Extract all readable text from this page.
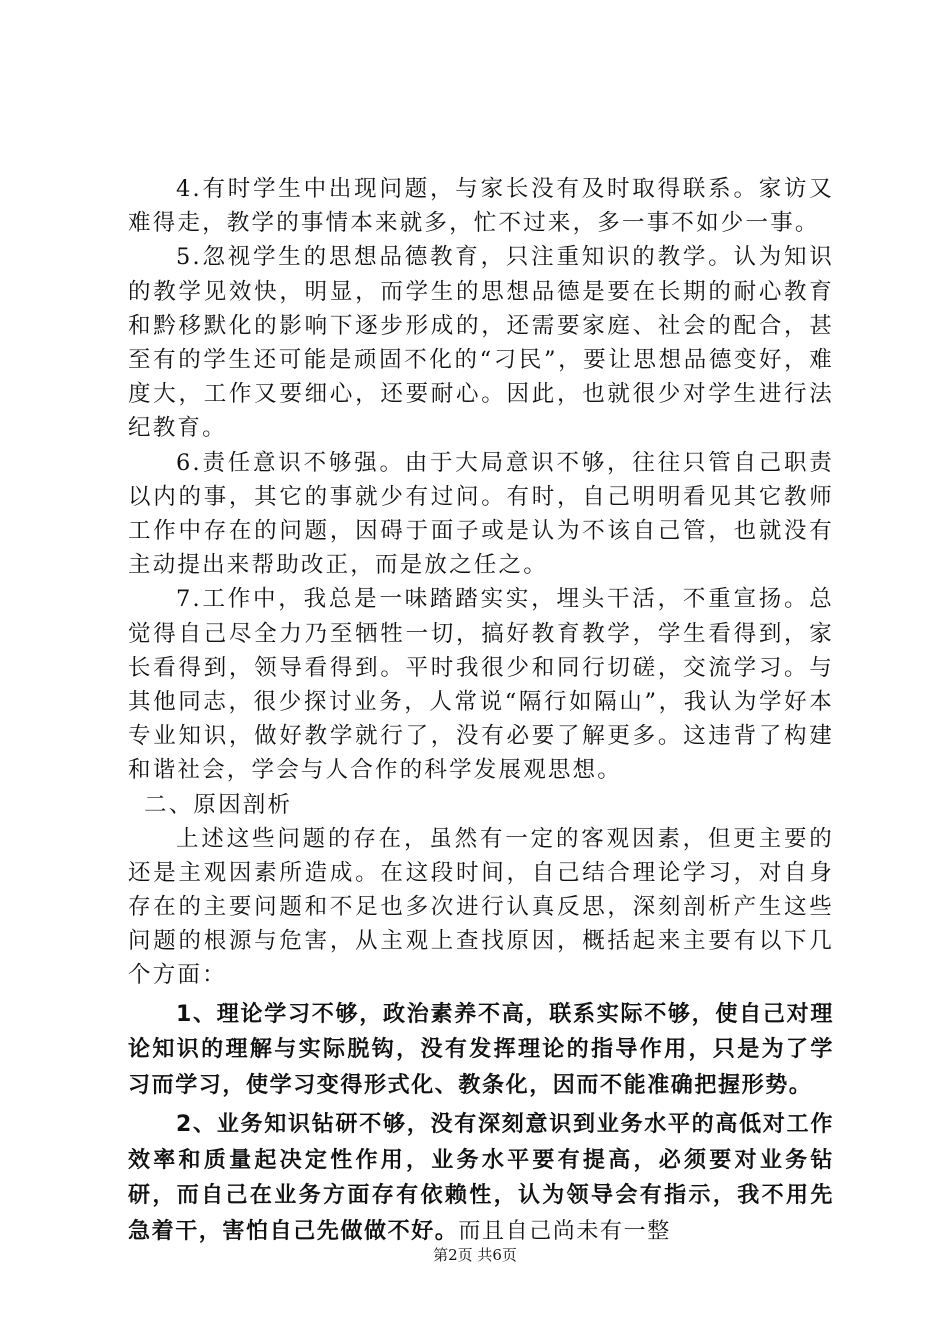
4.有时学生中出现问题，与家长没有及时取得联系。家访又难得走，教学的事情本来就多，忙不过来，多一事不如少一事。

5.忽视学生的思想品德教育，只注重知识的教学。认为知识的教学见效快，明显，而学生的思想品德是要在长期的耐心教育和黔移默化的影响下逐步形成的，还需要家庭、社会的配合，甚至有的学生还可能是顽固不化的“刁民”，要让思想品德变好，难度大，工作又要细心，还要耐心。因此，也就很少对学生进行法纪教育。

6.责任意识不够强。由于大局意识不够，往往只管自己职责以内的事，其它的事就少有过问。有时，自己明明看见其它教师工作中存在的问题，因碍于面子或是认为不该自己管，也就没有主动提出来帮助改正，而是放之任之。

7.工作中，我总是一味踏踏实实，埋头干活，不重宣扬。总觉得自己尽全力乃至牺牲一切，搞好教育教学，学生看得到，家长看得到，领导看得到。平时我很少和同行切磋，交流学习。与其他同志，很少探讨业务，人常说“隔行如隔山”，我认为学好本专业知识，做好教学就行了，没有必要了解更多。这违背了构建和谐社会，学会与人合作的科学发展观思想。

二、原因剖析

上述这些问题的存在，虽然有一定的客观因素，但更主要的还是主观因素所造成。在这段时间，自己结合理论学习，对自身存在的主要问题和不足也多次进行认真反思，深刻剖析产生这些问题的根源与危害，从主观上查找原因，概括起来主要有以下几个方面：

1、理论学习不够，政治素养不高，联系实际不够，使自己对理论知识的理解与实际脱钩，没有发挥理论的指导作用，只是为了学习而学习，使学习变得形式化、教条化，因而不能准确把握形势。

2、业务知识钻研不够，没有深刻意识到业务水平的高低对工作效率和质量起决定性作用，业务水平要有提高，必须要对业务钻研，而自己在业务方面存有依赖性，认为领导会有指示，我不用先急着干，害怕自己先做做不好。而且自己尚未有一整

第2页 共6页
